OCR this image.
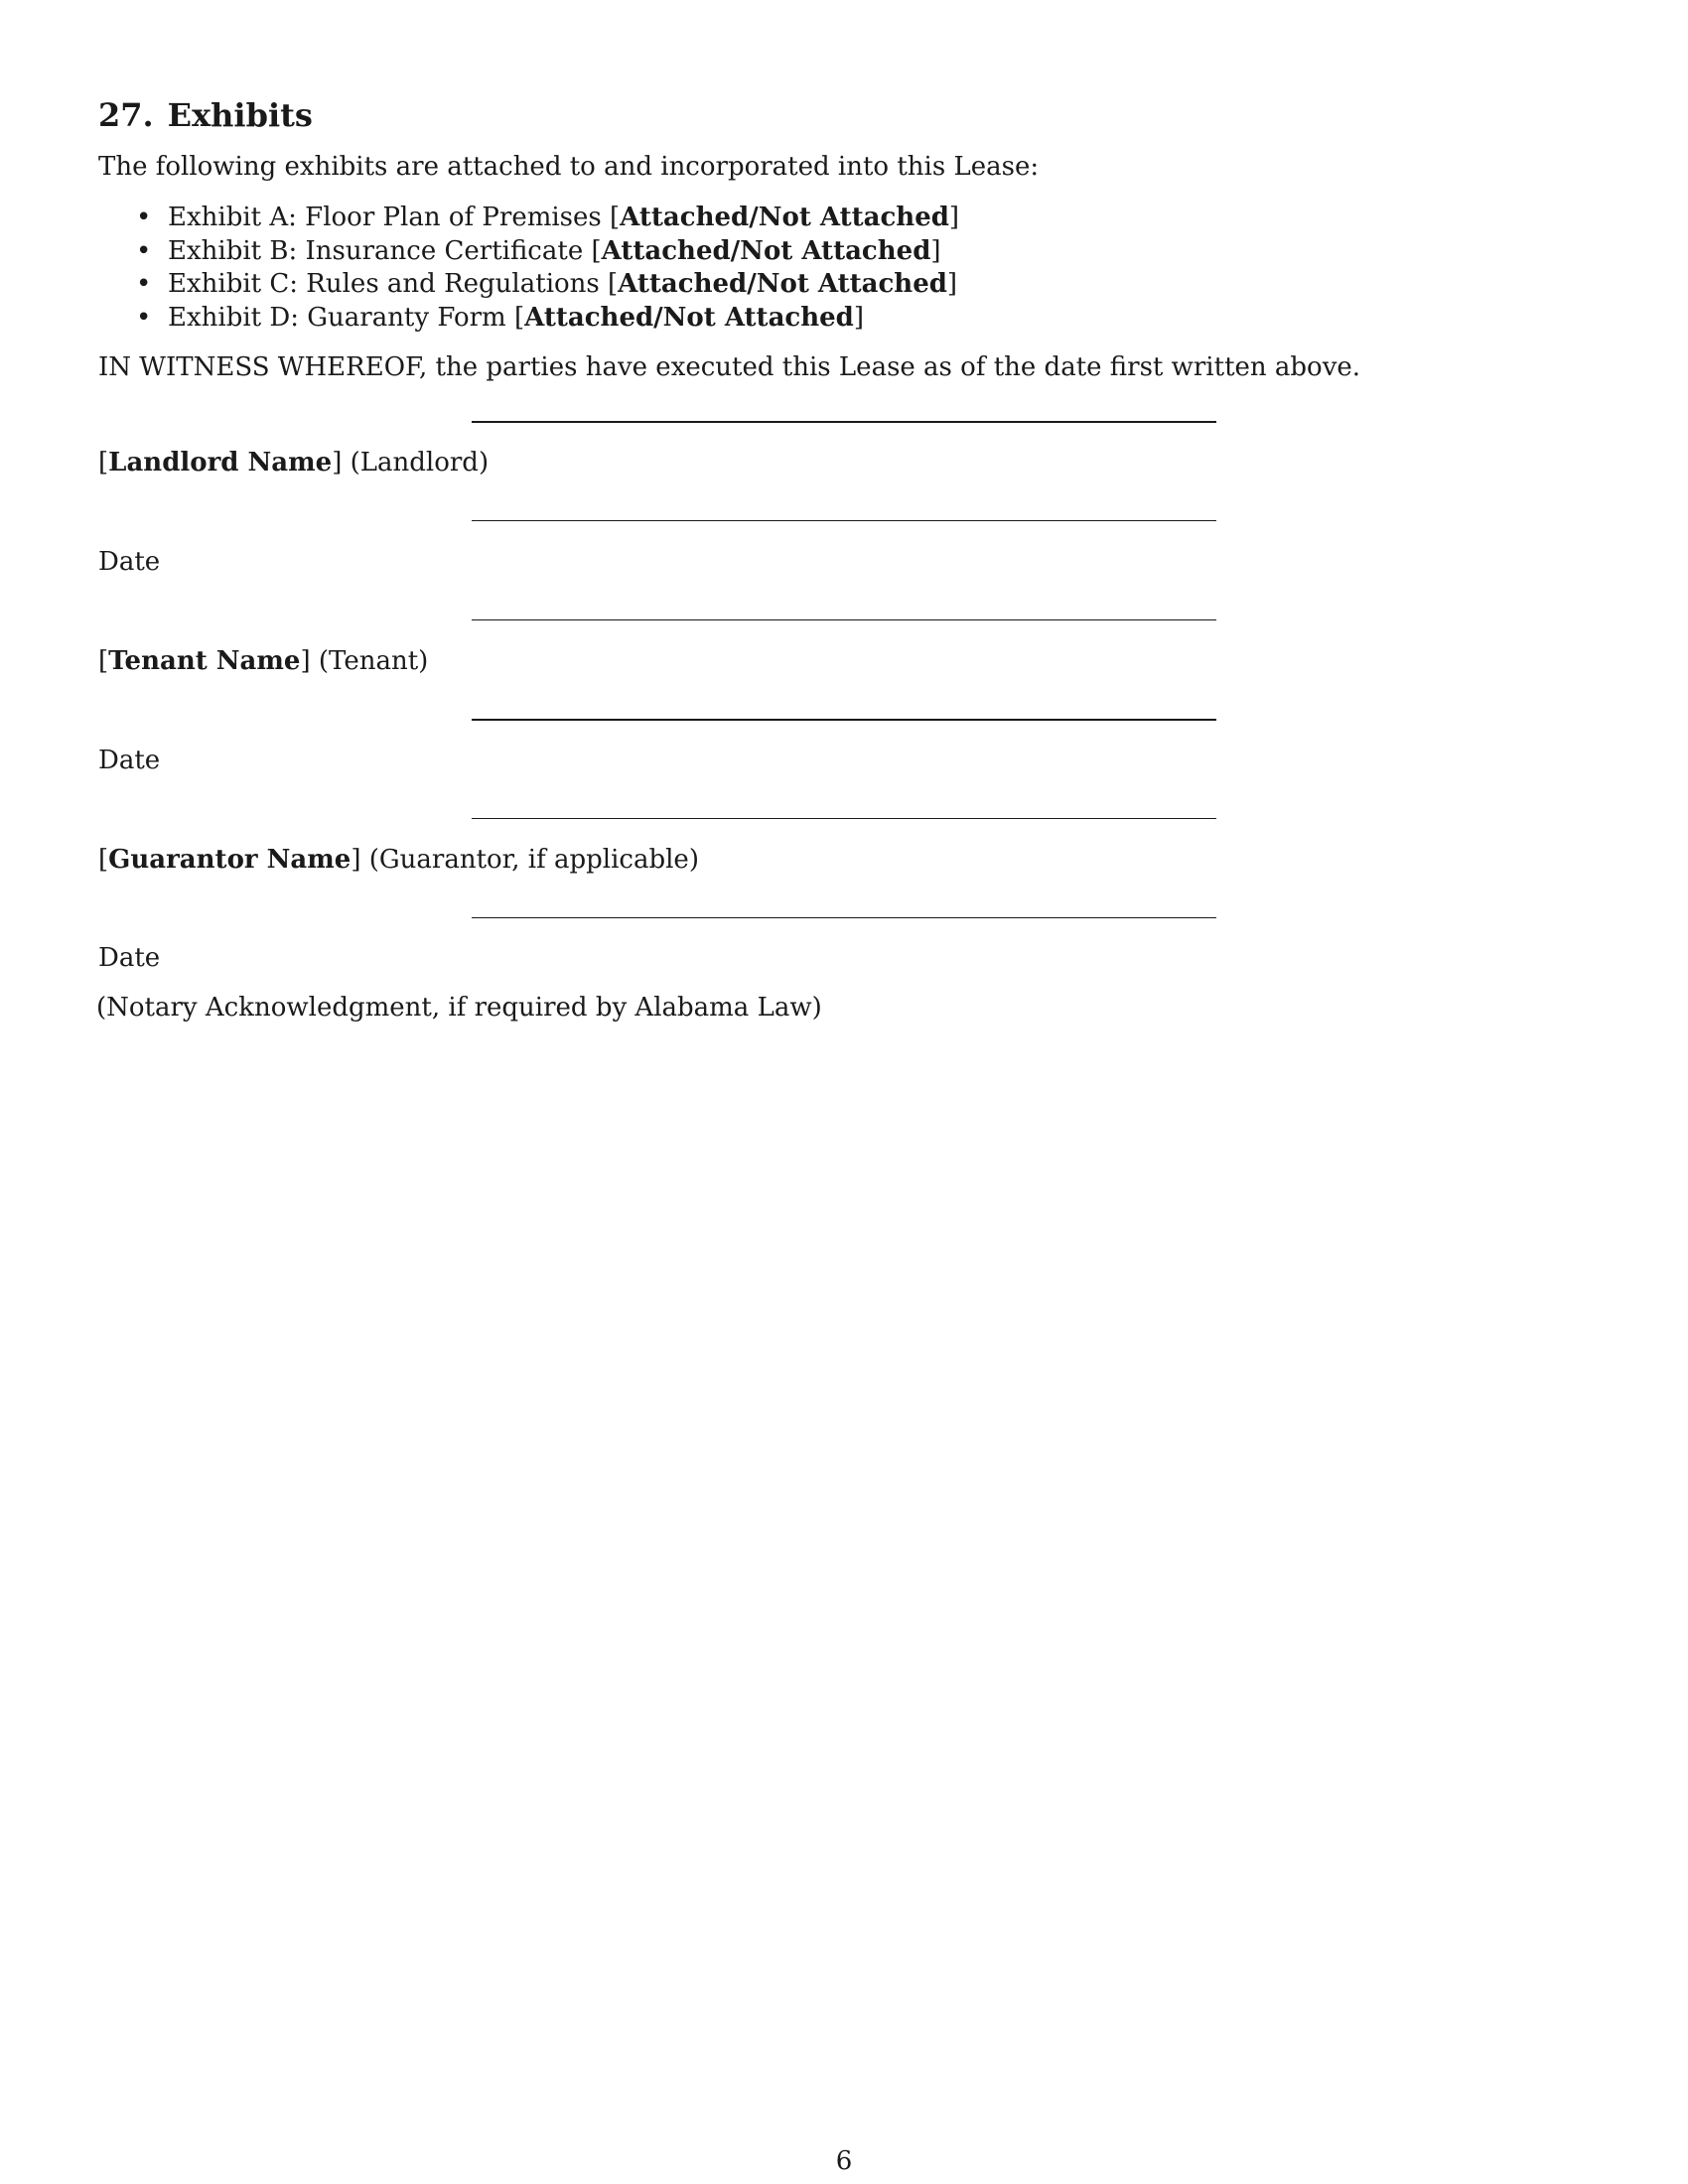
27. Exhibits
The following exhibits are attached to and incorporated into this Lease:
• Exhibit A: Floor Plan of Premises [Attached/Not Attached]
• Exhibit B: Insurance Certificate [Attached/Not Attached]
• Exhibit C: Rules and Regulations [Attached/Not Attached]
• Exhibit D: Guaranty Form [Attached/Not Attached]
IN WITNESS WHEREOF, the parties have executed this Lease as of the date first written above.
[Landlord Name] (Landlord)
Date
[Tenant Name] (Tenant)
Date
[Guarantor Name] (Guarantor, if applicable)
Date
(Notary Acknowledgment, if required by Alabama Law)
6
